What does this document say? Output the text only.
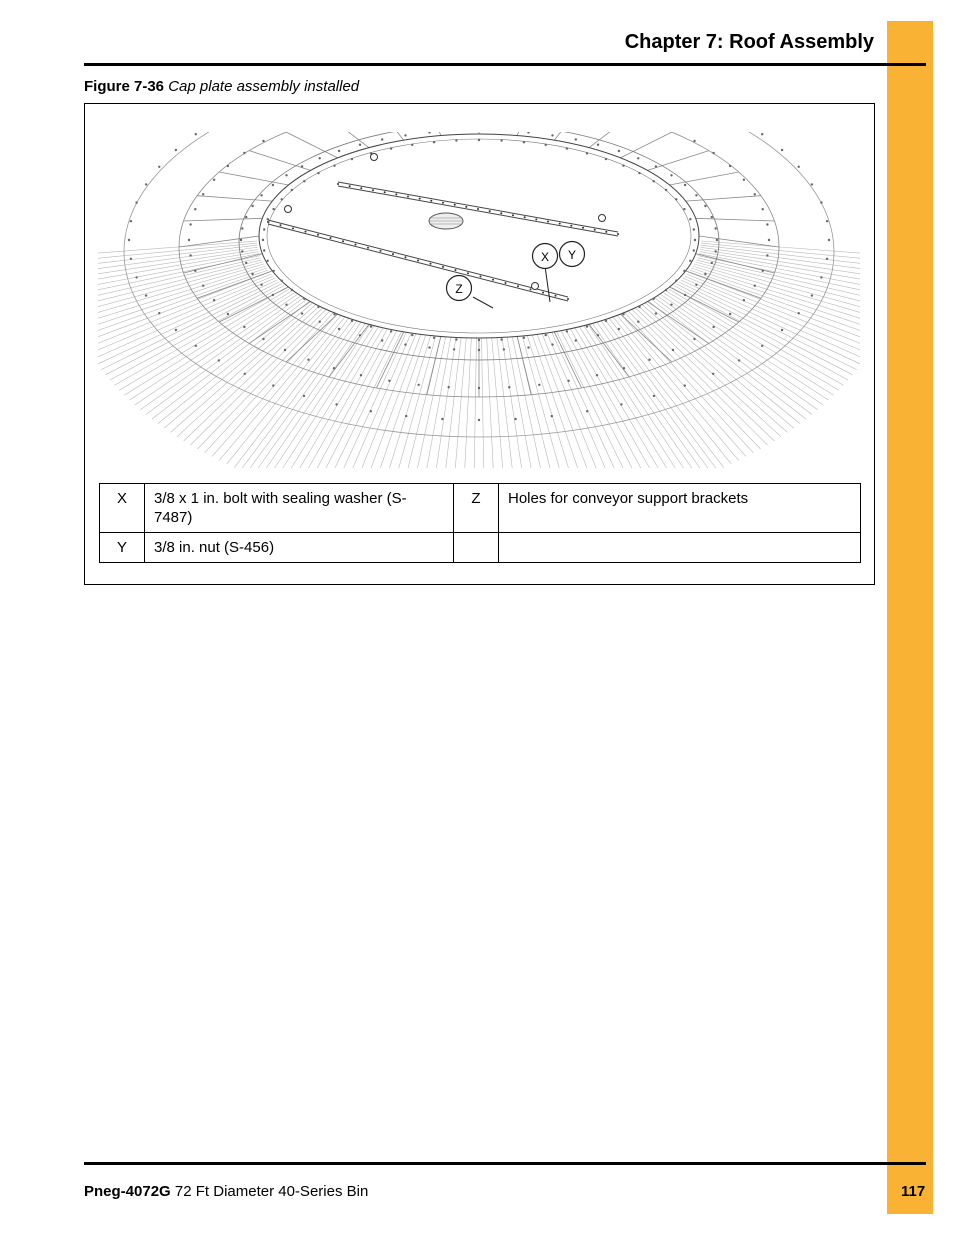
Chapter 7: Roof Assembly
Figure 7-36 Cap plate assembly installed
X Y
Z
X	3/8 x 1 in. bolt with sealing washer (S-7487)	Z	Holes for conveyor support brackets
Y	3/8 in. nut (S-456)		
Pneg-4072G 72 Ft Diameter 40-Series Bin	117
